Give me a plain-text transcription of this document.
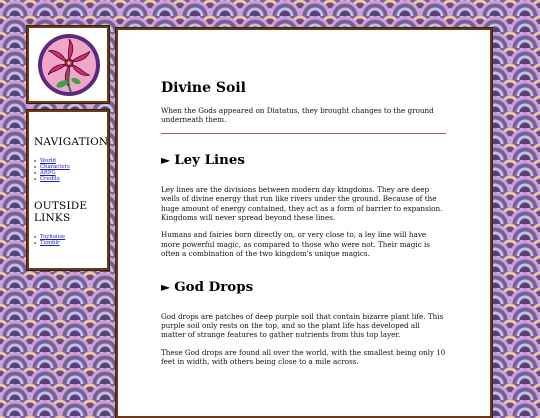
NAVIGATION
x World
x Characters
x ARPG
x Credits
OUTSIDE
LINKS
x Toyhouse
x Tumblr
Divine Soil

When the Gods appeared on Diatatus, they brought changes to the ground underneath them.

► Ley Lines

Ley lines are the divisions between modern day kingdoms. They are deep wells of divine energy that run like rivers under the ground. Because of the huge amount of energy contained, they act as a form of barrier to expansion. Kingdoms will never spread beyond these lines.

Humans and fairies born directly on, or very close to, a ley line will have more powerful magic, as compared to those who were not. Their magic is often a combination of the two kingdom's unique magics.

► God Drops

God drops are patches of deep purple soil that contain bizarre plant life. This purple soil only rests on the top, and so the plant life has developed all matter of strange features to gather nutrients from this top layer.

These God drops are found all over the world, with the smallest being only 10 feet in width, with others being close to a mile across.
